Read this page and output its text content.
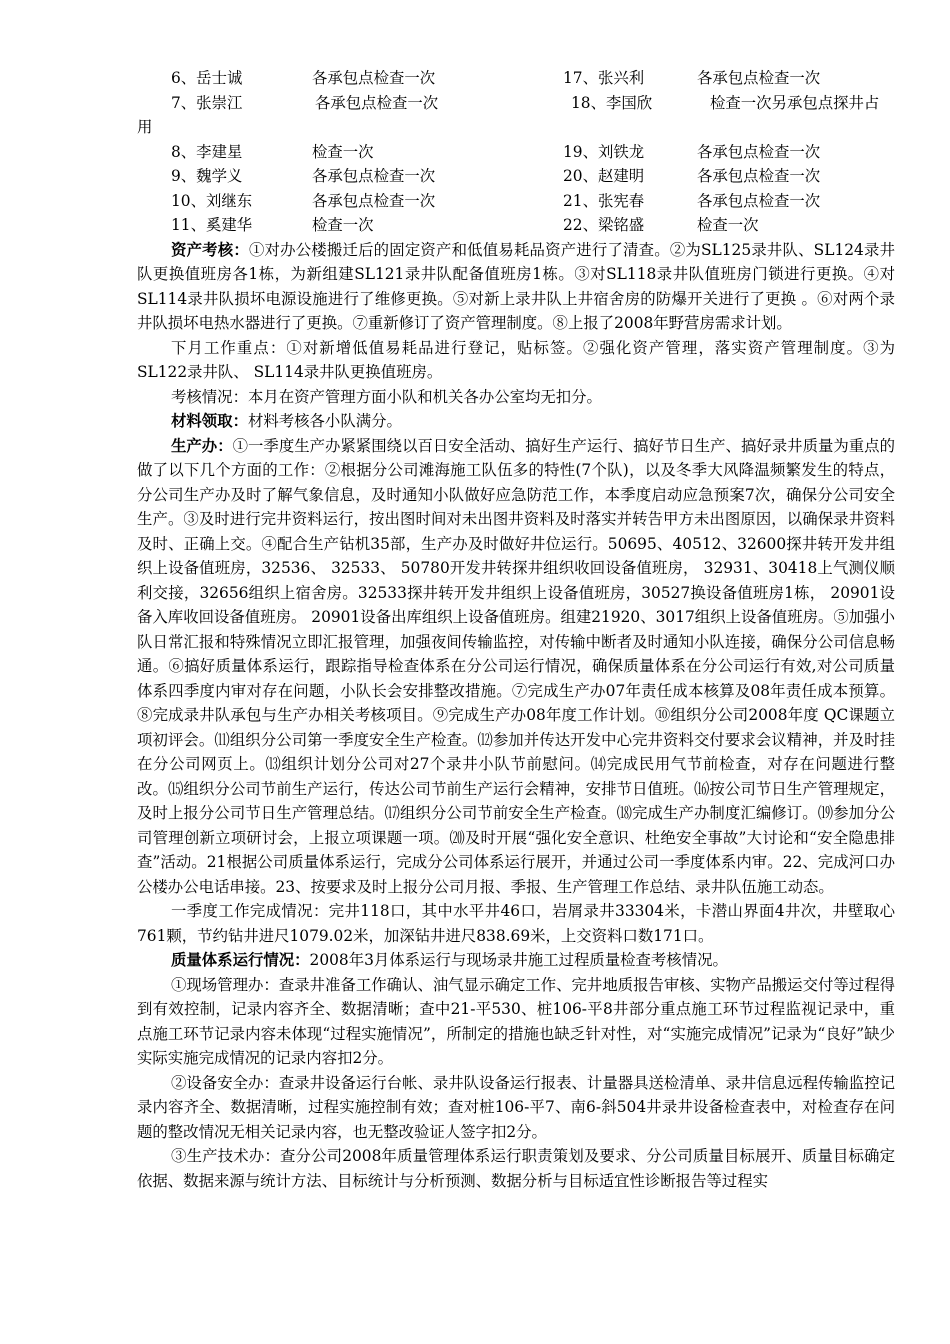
6、岳士诚	各承包点检查一次	17、张兴利	各承包点检查一次
7、张崇江	各承包点检查一次	18、李国欣	检查一次另承包点探井占
用
8、李建星	检查一次	19、刘铁龙	各承包点检查一次
9、魏学义	各承包点检查一次	20、赵建明	各承包点检查一次
10、刘继东	各承包点检查一次	21、张宪春	各承包点检查一次
11、奚建华	检查一次	22、梁铭盛	检查一次

资产考核：①对办公楼搬迁后的固定资产和低值易耗品资产进行了清查。②为SL125录井队、SL124录井队更换值班房各1栋，为新组建SL121录井队配备值班房1栋。③对SL118录井队值班房门锁进行更换。④对SL114录井队损坏电源设施进行了维修更换。⑤对新上录井队上井宿舍房的防爆开关进行了更换 。⑥对两个录井队损坏电热水器进行了更换。⑦重新修订了资产管理制度。⑧上报了2008年野营房需求计划。

下月工作重点：①对新增低值易耗品进行登记，贴标签。②强化资产管理，落实资产管理制度。③为SL122录井队、 SL114录井队更换值班房。

考核情况：本月在资产管理方面小队和机关各办公室均无扣分。

材料领取：材料考核各小队满分。

生产办：①一季度生产办紧紧围绕以百日安全活动、搞好生产运行、搞好节日生产、搞好录井质量为重点的做了以下几个方面的工作：②根据分公司滩海施工队伍多的特性(7个队)，以及冬季大风降温频繁发生的特点，分公司生产办及时了解气象信息，及时通知小队做好应急防范工作，本季度启动应急预案7次，确保分公司安全生产。③及时进行完井资料运行，按出图时间对未出图井资料及时落实并转告甲方未出图原因，以确保录井资料及时、正确上交。④配合生产钻机35部，生产办及时做好井位运行。50695、40512、32600探井转开发井组织上设备值班房，32536、 32533、 50780开发井转探井组织收回设备值班房， 32931、30418上气测仪顺利交接，32656组织上宿舍房。32533探井转开发井组织上设备值班房，30527换设备值班房1栋， 20901设备入库收回设备值班房。 20901设备出库组织上设备值班房。组建21920、3017组织上设备值班房。⑤加强小队日常汇报和特殊情况立即汇报管理，加强夜间传输监控，对传输中断者及时通知小队连接，确保分公司信息畅通。⑥搞好质量体系运行，跟踪指导检查体系在分公司运行情况，确保质量体系在分公司运行有效,对公司质量体系四季度内审对存在问题，小队长会安排整改措施。⑦完成生产办07年责任成本核算及08年责任成本预算。⑧完成录井队承包与生产办相关考核项目。⑨完成生产办08年度工作计划。⑩组织分公司2008年度 QC课题立项初评会。⑾组织分公司第一季度安全生产检查。⑿参加并传达开发中心完井资料交付要求会议精神，并及时挂在分公司网页上。⒀组织计划分公司对27个录井小队节前慰问。⒁完成民用气节前检查，对存在问题进行整改。⒂组织分公司节前生产运行，传达公司节前生产运行会精神，安排节日值班。⒃按公司节日生产管理规定，及时上报分公司节日生产管理总结。⒄组织分公司节前安全生产检查。⒅完成生产办制度汇编修订。⒆参加分公司管理创新立项研讨会，上报立项课题一项。⒇及时开展“强化安全意识、杜绝安全事故”大讨论和“安全隐患排查”活动。21根据公司质量体系运行，完成分公司体系运行展开，并通过公司一季度体系内审。22、完成河口办公楼办公电话串接。23、按要求及时上报分公司月报、季报、生产管理工作总结、录井队伍施工动态。

一季度工作完成情况：完井118口，其中水平井46口，岩屑录井33304米，卡潜山界面4井次，井壁取心761颗，节约钻井进尺1079.02米，加深钻井进尺838.69米，上交资料口数171口。

质量体系运行情况：2008年3月体系运行与现场录井施工过程质量检查考核情况。

①现场管理办：查录井准备工作确认、油气显示确定工作、完井地质报告审核、实物产品搬运交付等过程得到有效控制，记录内容齐全、数据清晰；查中21-平530、桩106-平8井部分重点施工环节过程监视记录中，重点施工环节记录内容未体现“过程实施情况”，所制定的措施也缺乏针对性，对“实施完成情况”记录为“良好”缺少实际实施完成情况的记录内容扣2分。

②设备安全办：查录井设备运行台帐、录井队设备运行报表、计量器具送检清单、录井信息远程传输监控记录内容齐全、数据清晰，过程实施控制有效；查对桩106-平7、南6-斜504井录井设备检查表中，对检查存在问题的整改情况无相关记录内容，也无整改验证人签字扣2分。

③生产技术办：查分公司2008年质量管理体系运行职责策划及要求、分公司质量目标展开、质量目标确定依据、数据来源与统计方法、目标统计与分析预测、数据分析与目标适宜性诊断报告等过程实
